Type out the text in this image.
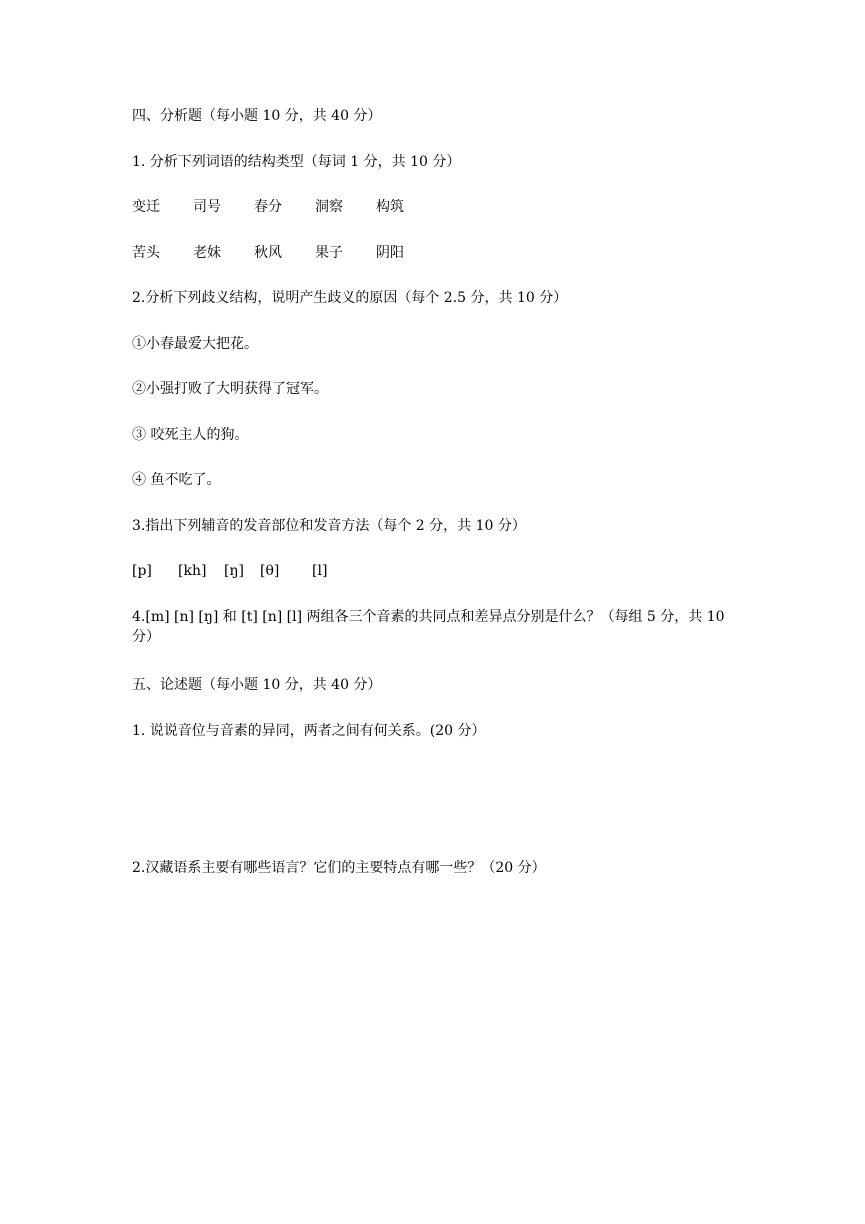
四、分析题（每小题 10 分，共 40 分）
1. 分析下列词语的结构类型（每词 1 分，共 10 分）
变迁	司号	春分	洞察	构筑
苦头	老妹	秋风	果子	阴阳
2.分析下列歧义结构，说明产生歧义的原因（每个 2.5 分，共 10 分）
①小春最爱大把花。
②小强打败了大明获得了冠军。
③ 咬死主人的狗。
④ 鱼不吃了。
3.指出下列辅音的发音部位和发音方法（每个 2 分，共 10 分）
[p] [kh] [ŋ] [θ] [l]
4.[m] [n] [ŋ] 和 [t] [n] [l] 两组各三个音素的共同点和差异点分别是什么？（每组 5 分，共 10 分）
五、论述题（每小题 10 分，共 40 分）
1. 说说音位与音素的异同，两者之间有何关系。(20 分）
2.汉藏语系主要有哪些语言？它们的主要特点有哪一些？（20 分）
